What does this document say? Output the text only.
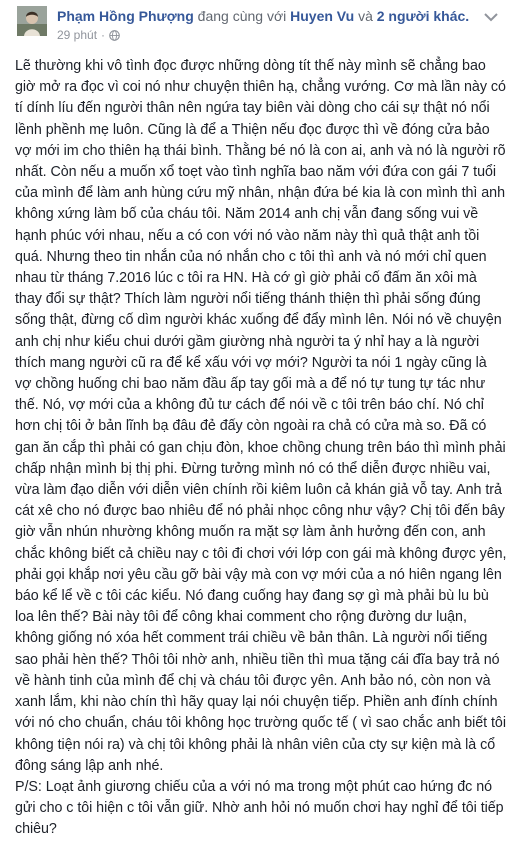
Phạm Hồng Phượng đang cùng với Huyen Vu và 2 người khác.
29 phút ·

Lẽ thường khi vô tình đọc được những dòng tít thế này mình sẽ chẳng bao giờ mở ra đọc vì coi nó như chuyện thiên hạ, chẳng vướng. Cơ mà lần này có tí dính líu đến người thân nên ngứa tay biên vài dòng cho cái sự thật nó nổi lềnh phềnh mẹ luôn. Cũng là để a Thiện nếu đọc được thì về đóng cửa bảo vợ mới im cho thiên hạ thái bình. Thằng bé nó là con ai, anh và nó là người rõ nhất. Còn nếu a muốn xổ toẹt vào tình nghĩa bao năm với đứa con gái 7 tuổi của mình để làm anh hùng cứu mỹ nhân, nhận đứa bé kia là con mình thì anh không xứng làm bố của cháu tôi. Năm 2014 anh chị vẫn đang sống vui về hạnh phúc với nhau, nếu a có con với nó vào năm này thì quả thật anh tồi quá. Nhưng theo tin nhắn của nó nhắn cho c tôi thì anh và nó mới chỉ quen nhau từ tháng 7.2016 lúc c tôi ra HN. Hà cớ gì giờ phải cố đấm ăn xôi mà thay đổi sự thật? Thích làm người nổi tiếng thánh thiện thì phải sống đúng sống thật, đừng cố dìm người khác xuống để đẩy mình lên. Nói nó về chuyện anh chị như kiểu chui dưới gầm giường nhà người ta ý nhỉ hay a là người thích mang người cũ ra để kể xấu với vợ mới? Người ta nói 1 ngày cũng là vợ chồng huống chi bao năm đầu ấp tay gối mà a để nó tự tung tự tác như thế. Nó, vợ mới của a không đủ tư cách để nói về c tôi trên báo chí. Nó chỉ hơn chị tôi ở bản lĩnh bạ đâu đẻ đấy còn ngoài ra chả có cửa mà so. Đã có gan ăn cắp thì phải có gan chịu đòn, khoe chồng chung trên báo thì mình phải chấp nhận mình bị thị phi. Đừng tưởng mình nó có thể diễn được nhiều vai, vừa làm đạo diễn với diễn viên chính rồi kiêm luôn cả khán giả vỗ tay. Anh trả cát xê cho nó được bao nhiêu để nó phải nhọc công như vậy? Chị tôi đến bây giờ vẫn nhún nhường không muốn ra mặt sợ làm ảnh hưởng đến con, anh chắc không biết cả chiều nay c tôi đi chơi với lớp con gái mà không được yên, phải gọi khắp nơi yêu cầu gỡ bài vậy mà con vợ mới của a nó hiên ngang lên báo kể lể về c tôi các kiểu. Nó đang cuống hay đang sợ gì mà phải bù lu bù loa lên thế? Bài này tôi để công khai comment cho rộng đường dư luận, không giống nó xóa hết comment trái chiều về bản thân. Là người nổi tiếng sao phải hèn thế? Thôi tôi nhờ anh, nhiều tiền thì mua tặng cái đĩa bay trả nó về hành tinh của mình để chị và cháu tôi được yên. Anh bảo nó, còn non và xanh lắm, khi nào chín thì hãy quay lại nói chuyện tiếp. Phiền anh đính chính với nó cho chuẩn, cháu tôi không học trường quốc tế ( vì sao chắc anh biết tôi không tiện nói ra) và chị tôi không phải là nhân viên của cty sự kiện mà là cổ đông sáng lập anh nhé.

P/S: Loạt ảnh giương chiếu của a với nó ma trong một phút cao hứng đc nó gửi cho c tôi hiện c tôi vẫn giữ. Nhờ anh hỏi nó muốn chơi hay nghỉ để tôi tiếp chiêu?
